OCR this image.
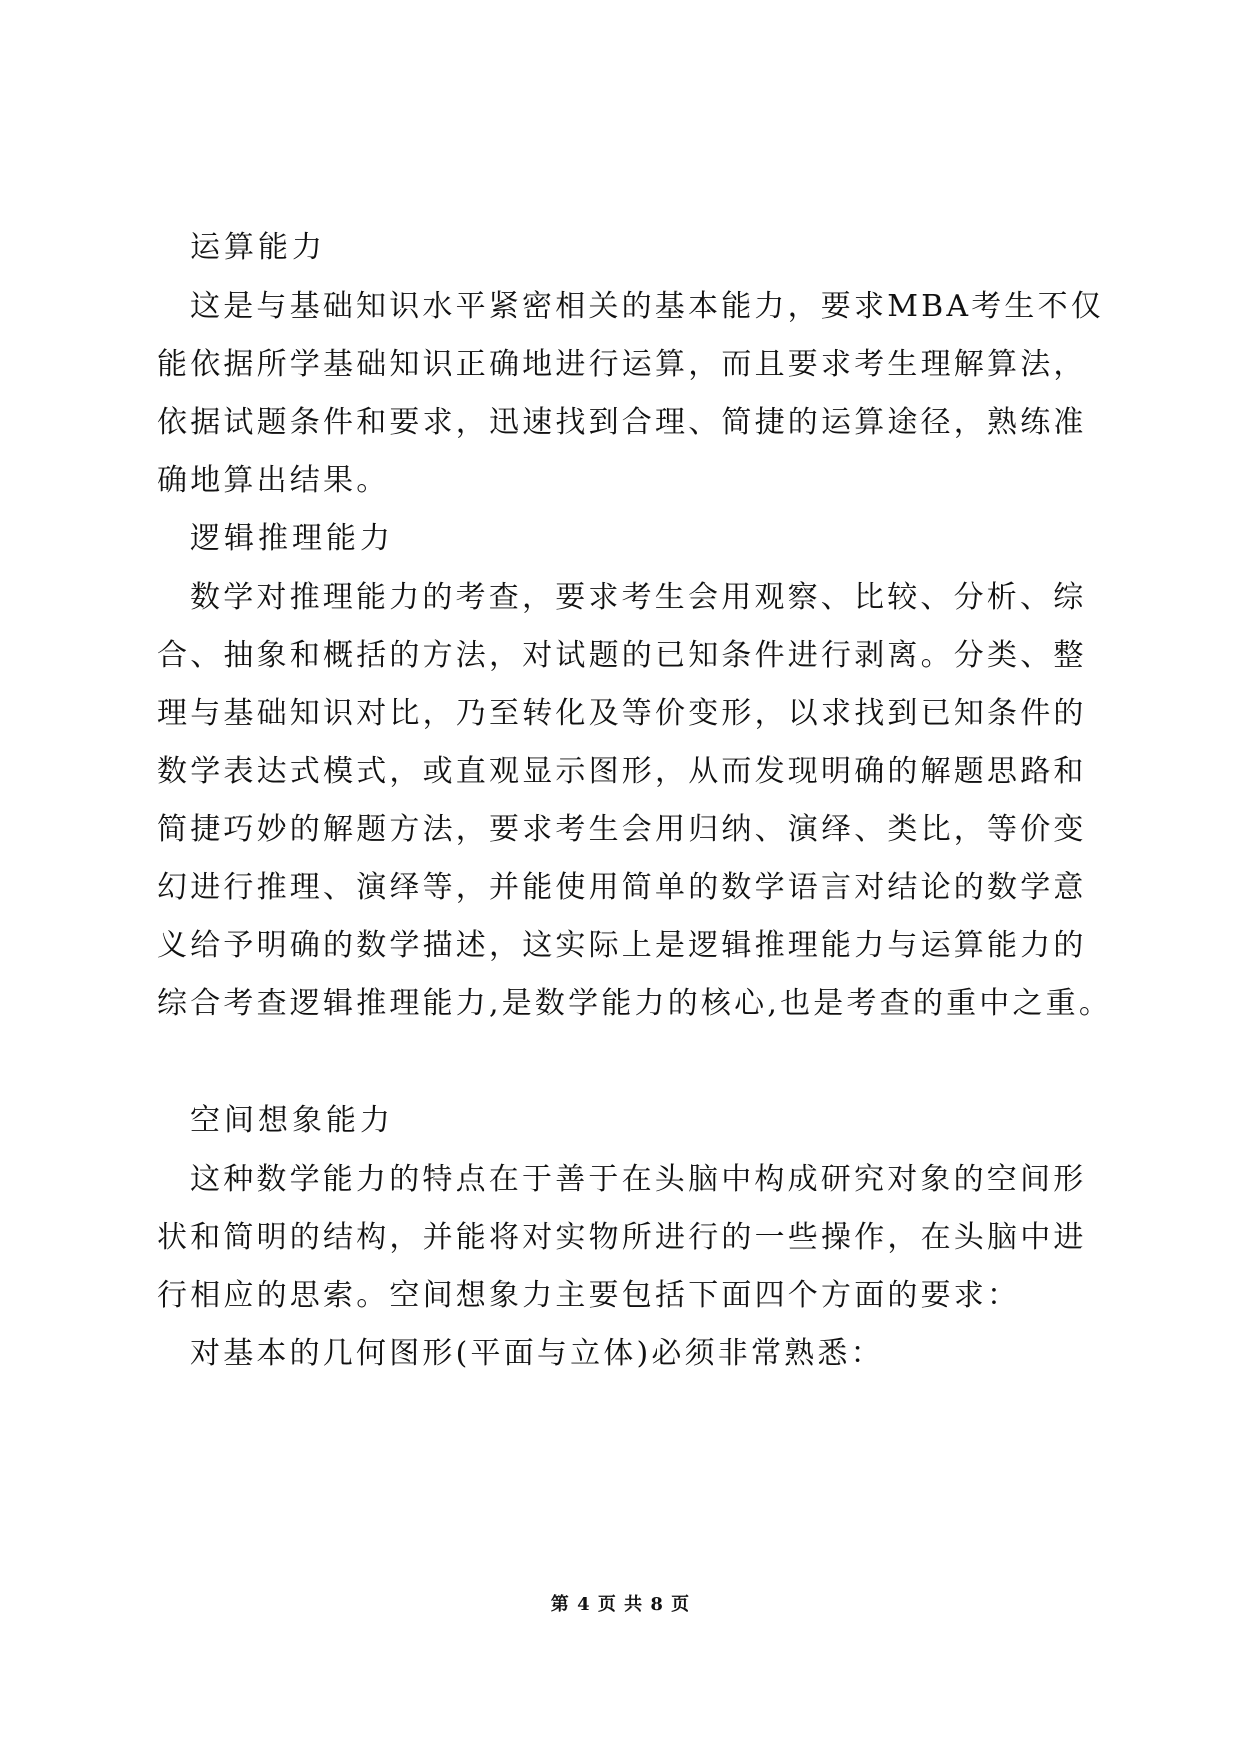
运算能力
这是与基础知识水平紧密相关的基本能力，要求MBA考生不仅
能依据所学基础知识正确地进行运算，而且要求考生理解算法，
依据试题条件和要求，迅速找到合理、简捷的运算途径，熟练准
确地算出结果。
逻辑推理能力
数学对推理能力的考查，要求考生会用观察、比较、分析、综
合、抽象和概括的方法，对试题的已知条件进行剥离。分类、整
理与基础知识对比，乃至转化及等价变形，以求找到已知条件的
数学表达式模式，或直观显示图形，从而发现明确的解题思路和
简捷巧妙的解题方法，要求考生会用归纳、演绎、类比，等价变
幻进行推理、演绎等，并能使用简单的数学语言对结论的数学意
义给予明确的数学描述，这实际上是逻辑推理能力与运算能力的
综合考查逻辑推理能力,是数学能力的核心,也是考查的重中之重。
空间想象能力
这种数学能力的特点在于善于在头脑中构成研究对象的空间形
状和简明的结构，并能将对实物所进行的一些操作，在头脑中进
行相应的思索。空间想象力主要包括下面四个方面的要求：
对基本的几何图形(平面与立体)必须非常熟悉：
第 4 页 共 8 页
